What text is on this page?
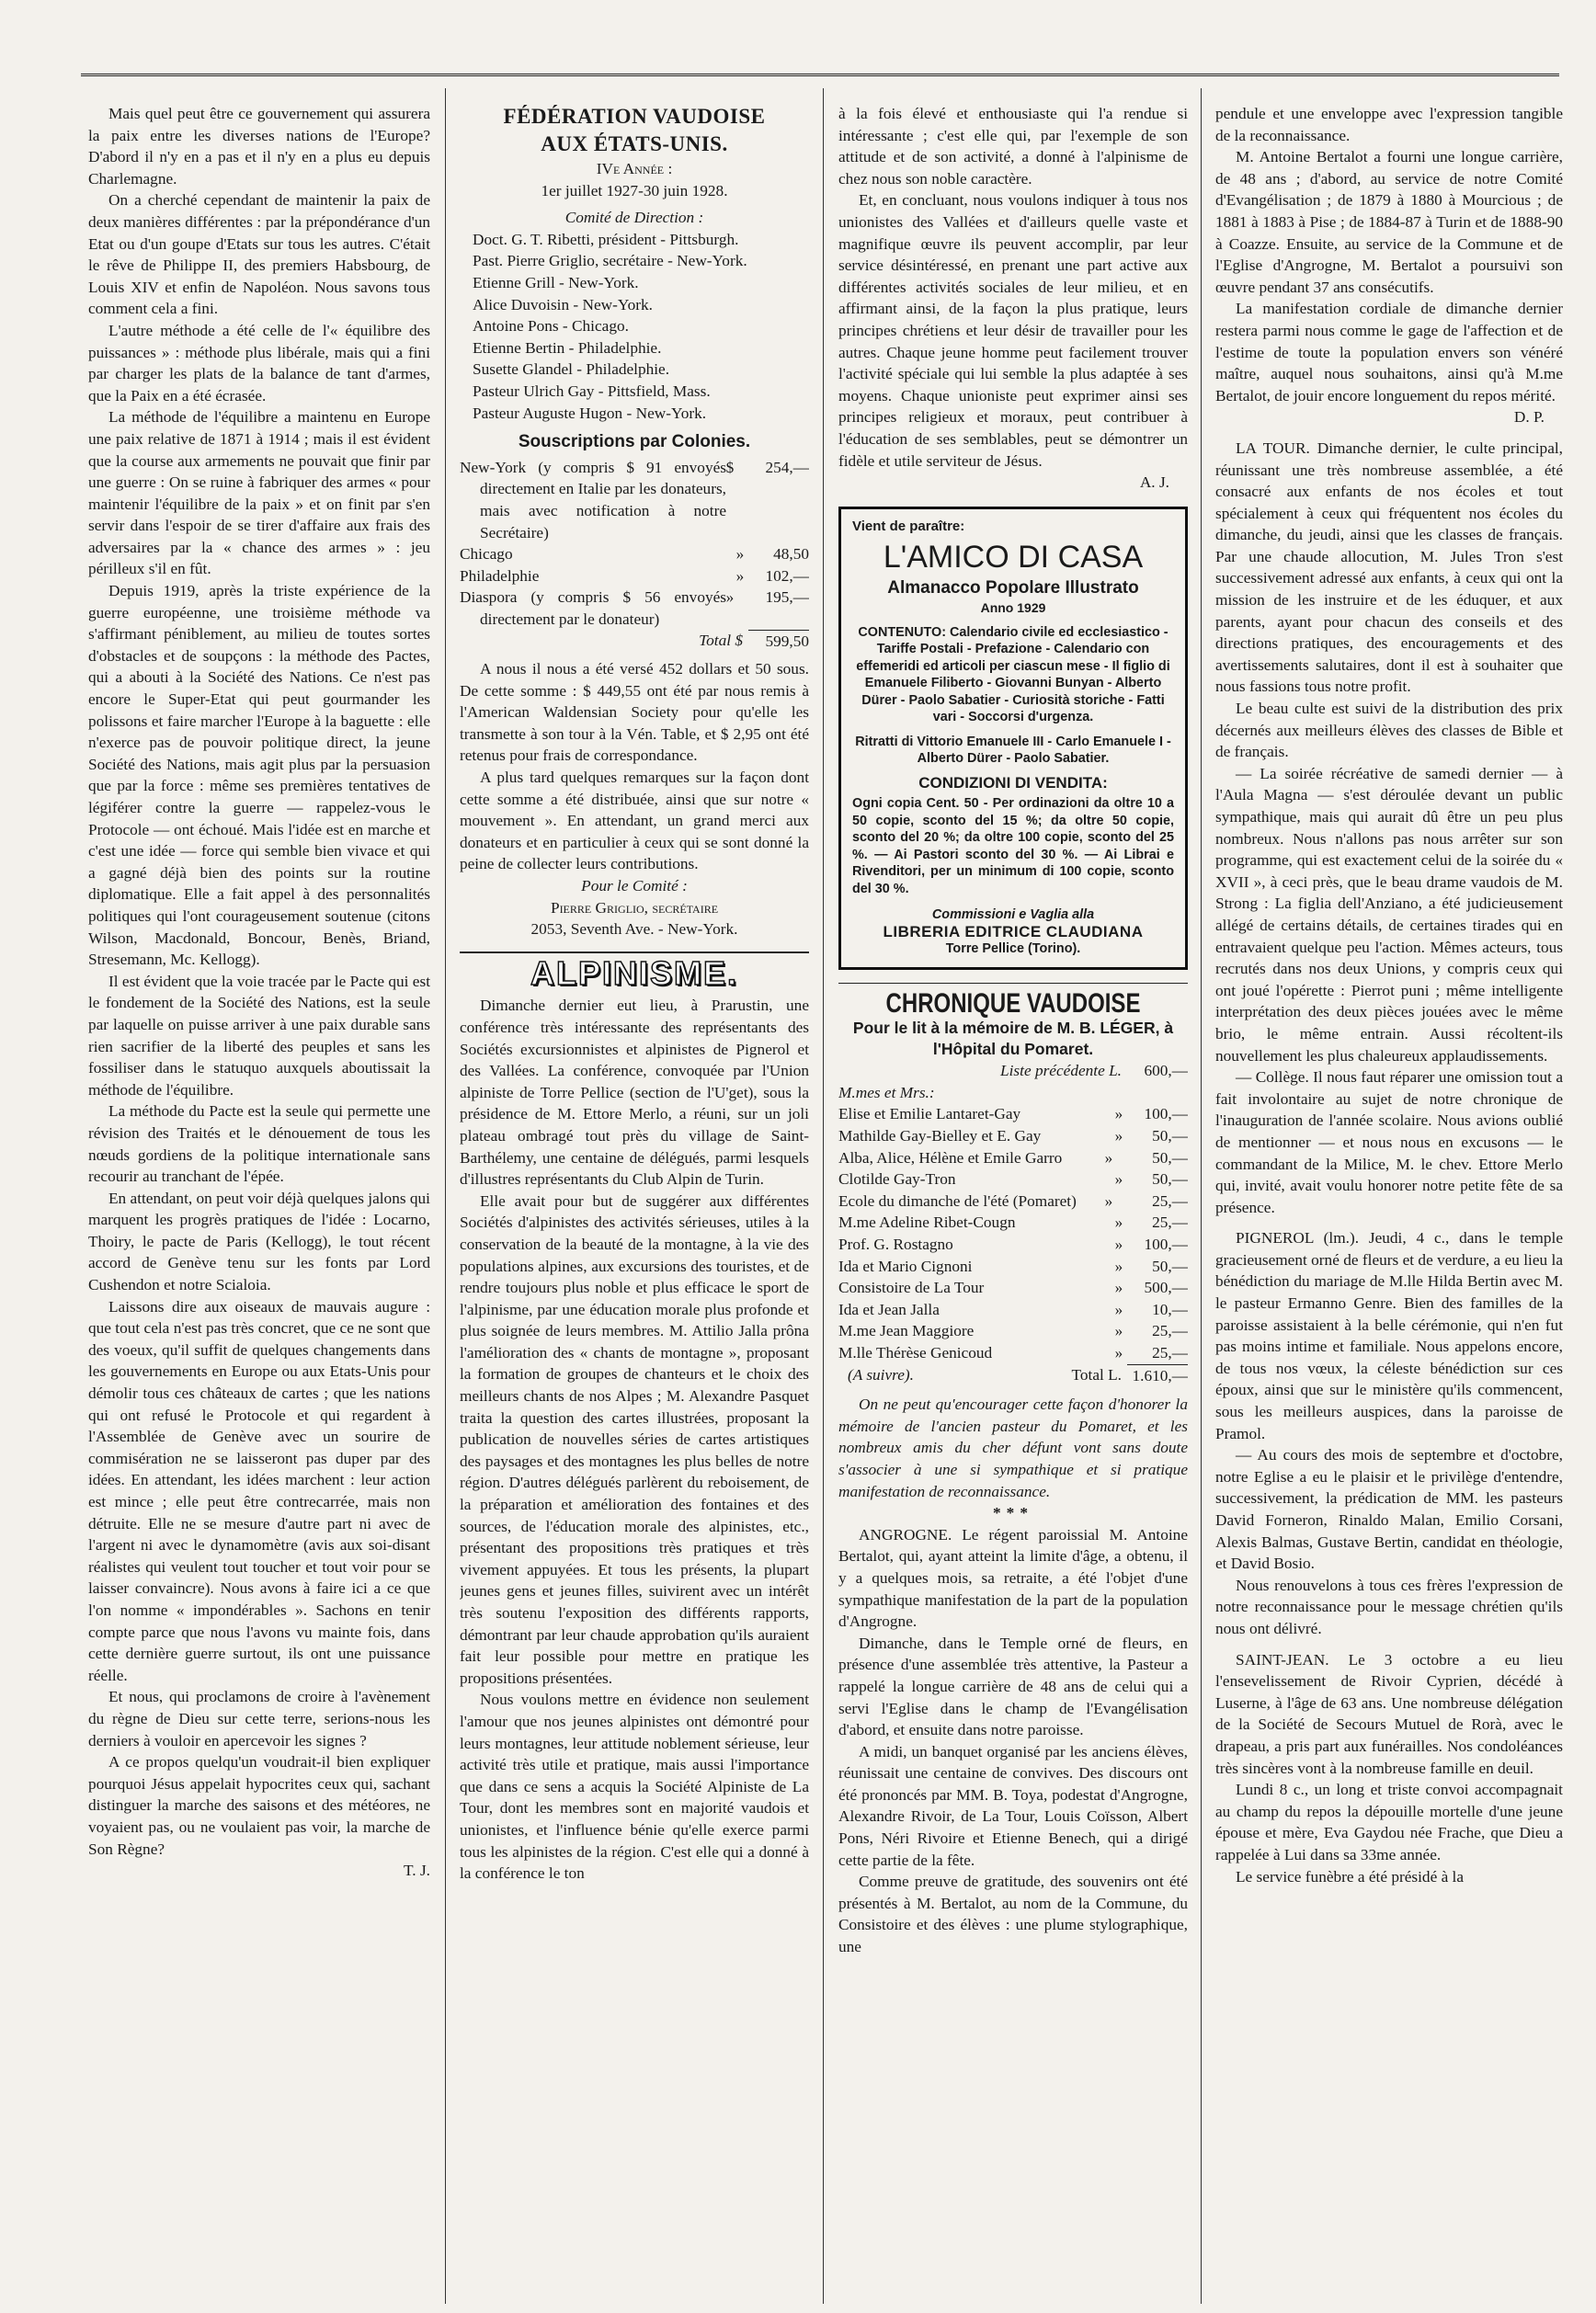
Mais quel peut être ce gouvernement qui assurera la paix entre les diverses nations de l'Europe? D'abord il n'y en a pas et il n'y en a plus eu depuis Charlemagne.

On a cherché cependant de maintenir la paix de deux manières différentes : par la prépondérance d'un Etat ou d'un goupe d'Etats sur tous les autres. C'était le rêve de Philippe II, des premiers Habsbourg, de Louis XIV et enfin de Napoléon. Nous savons tous comment cela a fini.

L'autre méthode a été celle de l'« équilibre des puissances » : méthode plus libérale, mais qui a fini par charger les plats de la balance de tant d'armes, que la Paix en a été écrasée.

La méthode de l'équilibre a maintenu en Europe une paix relative de 1871 à 1914 ; mais il est évident que la course aux armements ne pouvait que finir par une guerre : On se ruine à fabriquer des armes « pour maintenir l'équilibre de la paix » et on finit par s'en servir dans l'espoir de se tirer d'affaire aux frais des adversaires par la « chance des armes » : jeu périlleux s'il en fût.

Depuis 1919, après la triste expérience de la guerre européenne, une troisième méthode va s'affirmant péniblement, au milieu de toutes sortes d'obstacles et de soupçons : la méthode des Pactes, qui a abouti à la Société des Nations. Ce n'est pas encore le Super-Etat qui peut gourmander les polissons et faire marcher l'Europe à la baguette : elle n'exerce pas de pouvoir politique direct, la jeune Société des Nations, mais agit plus par la persuasion que par la force : même ses premières tentatives de légiférer contre la guerre — rappelez-vous le Protocole — ont échoué. Mais l'idée est en marche et c'est une idée — force qui semble bien vivace et qui a gagné déjà bien des points sur la routine diplomatique. Elle a fait appel à des personnalités politiques qui l'ont courageusement soutenue (citons Wilson, Macdonald, Boncour, Benès, Briand, Stresemann, Mc. Kellogg).

Il est évident que la voie tracée par le Pacte qui est le fondement de la Société des Nations, est la seule par laquelle on puisse arriver à une paix durable sans rien sacrifier de la liberté des peuples et sans les fossiliser dans le statuquo auxquels aboutissait la méthode de l'équilibre.

La méthode du Pacte est la seule qui permette une révision des Traités et le dénouement de tous les nœuds gordiens de la politique internationale sans recourir au tranchant de l'épée.

En attendant, on peut voir déjà quelques jalons qui marquent les progrès pratiques de l'idée : Locarno, Thoiry, le pacte de Paris (Kellogg), le tout récent accord de Genève tenu sur les fonts par Lord Cushendon et notre Scialoia.

Laissons dire aux oiseaux de mauvais augure : que tout cela n'est pas très concret, que ce ne sont que des voeux, qu'il suffit de quelques changements dans les gouvernements en Europe ou aux Etats-Unis pour démolir tous ces châteaux de cartes ; que les nations qui ont refusé le Protocole et qui regardent à l'Assemblée de Genève avec un sourire de commisération ne se laisseront pas duper par des idées. En attendant, les idées marchent : leur action est mince ; elle peut être contrecarrée, mais non détruite. Elle ne se mesure d'autre part ni avec de l'argent ni avec le dynamomètre (avis aux soi-disant réalistes qui veulent tout toucher et tout voir pour se laisser convaincre). Nous avons à faire ici a ce que l'on nomme « impondérables ». Sachons en tenir compte parce que nous l'avons vu mainte fois, dans cette dernière guerre surtout, ils ont une puissance réelle.

Et nous, qui proclamons de croire à l'avènement du règne de Dieu sur cette terre, serions-nous les derniers à vouloir en apercevoir les signes ?

A ce propos quelqu'un voudrait-il bien expliquer pourquoi Jésus appelait hypocrites ceux qui, sachant distinguer la marche des saisons et des météores, ne voyaient pas, ou ne voulaient pas voir, la marche de Son Règne?

T. J.
FÉDÉRATION VAUDOISE
AUX ÉTATS-UNIS.
IVe Année :
1er juillet 1927-30 juin 1928.
Comité de Direction :
Doct. G. T. Ribetti, président - Pittsburgh.
Past. Pierre Griglio, secrétaire - New-York.
Etienne Grill - New-York.
Alice Duvoisin - New-York.
Antoine Pons - Chicago.
Etienne Bertin - Philadelphie.
Susette Glandel - Philadelphie.
Pasteur Ulrich Gay - Pittsfield, Mass.
Pasteur Auguste Hugon - New-York.
Souscriptions par Colonies.
New-York (y compris $ 91 envoyés directement en Italie par les donateurs, mais avec notification à notre Secrétaire)
$	254,—
Chicago	»	48,50
Philadelphie	»	102,—
Diaspora (y compris $ 56 envoyés directement par le donateur)
»	195,—
Total $	599,50

A nous il nous a été versé 452 dollars et 50 sous. De cette somme : $ 449,55 ont été par nous remis à l'American Waldensian Society pour qu'elle les transmette à son tour à la Vén. Table, et $ 2,95 ont été retenus pour frais de correspondance.

A plus tard quelques remarques sur la façon dont cette somme a été distribuée, ainsi que sur notre « mouvement ». En attendant, un grand merci aux donateurs et en particulier à ceux qui se sont donné la peine de collecter leurs contributions.

Pour le Comité :
Pierre Griglio, secrétaire
2053, Seventh Ave. - New-York.
ALPINISME.

Dimanche dernier eut lieu, à Prarustin, une conférence très intéressante des représentants des Sociétés excursionnistes et alpinistes de Pignerol et des Vallées. La conférence, convoquée par l'Union alpiniste de Torre Pellice (section de l'U'get), sous la présidence de M. Ettore Merlo, a réuni, sur un joli plateau ombragé tout près du village de Saint-Barthélemy, une centaine de délégués, parmi lesquels d'illustres représentants du Club Alpin de Turin.

Elle avait pour but de suggérer aux différentes Sociétés d'alpinistes des activités sérieuses, utiles à la conservation de la beauté de la montagne, à la vie des populations alpines, aux excursions des touristes, et de rendre toujours plus noble et plus efficace le sport de l'alpinisme, par une éducation morale plus profonde et plus soignée de leurs membres. M. Attilio Jalla prôna l'amélioration des « chants de montagne », proposant la formation de groupes de chanteurs et le choix des meilleurs chants de nos Alpes ; M. Alexandre Pasquet traita la question des cartes illustrées, proposant la publication de nouvelles séries de cartes artistiques des paysages et des montagnes les plus belles de notre région. D'autres délégués parlèrent du reboisement, de la préparation et amélioration des fontaines et des sources, de l'éducation morale des alpinistes, etc., présentant des propositions très pratiques et très vivement appuyées. Et tous les présents, la plupart jeunes gens et jeunes filles, suivirent avec un intérêt très soutenu l'exposition des différents rapports, démontrant par leur chaude approbation qu'ils auraient fait leur possible pour mettre en pratique les propositions présentées.

Nous voulons mettre en évidence non seulement l'amour que nos jeunes alpinistes ont démontré pour leurs montagnes, leur attitude noblement sérieuse, leur activité très utile et pratique, mais aussi l'importance que dans ce sens a acquis la Société Alpiniste de La Tour, dont les membres sont en majorité vaudois et unionistes, et l'influence bénie qu'elle exerce parmi tous les alpinistes de la région. C'est elle qui a donné à la conférence le ton

à la fois élevé et enthousiaste qui l'a rendue si intéressante ; c'est elle qui, par l'exemple de son attitude et de son activité, a donné à l'alpinisme de chez nous son noble caractère.

Et, en concluant, nous voulons indiquer à tous nos unionistes des Vallées et d'ailleurs quelle vaste et magnifique œuvre ils peuvent accomplir, par leur service désintéressé, en prenant une part active aux différentes activités sociales de leur milieu, et en affirmant ainsi, de la façon la plus pratique, leurs principes chrétiens et leur désir de travailler pour les autres. Chaque jeune homme peut facilement trouver l'activité spéciale qui lui semble la plus adaptée à ses moyens. Chaque unioniste peut exprimer ainsi ses principes religieux et moraux, peut contribuer à l'éducation de ses semblables, peut se démontrer un fidèle et utile serviteur de Jésus.

A. J.
Vient de paraître:
L'AMICO DI CASA
Almanacco Popolare Illustrato
Anno 1929
CONTENUTO: Calendario civile ed ecclesiastico - Tariffe Postali - Prefazione - Calendario con effemeridi ed articoli per ciascun mese - Il figlio di Emanuele Filiberto - Giovanni Bunyan - Alberto Dürer - Paolo Sabatier - Curiosità storiche - Fatti vari - Soccorsi d'urgenza.
Ritratti di Vittorio Emanuele III - Carlo Emanuele I - Alberto Dürer - Paolo Sabatier.
CONDIZIONI DI VENDITA:
Ogni copia Cent. 50 - Per ordinazioni da oltre 10 a 50 copie, sconto del 15 %; da oltre 50 copie, sconto del 20 %; da oltre 100 copie, sconto del 25 %. — Ai Pastori sconto del 30 %. — Ai Librai e Rivenditori, per un minimum di 100 copie, sconto del 30 %.
Commissioni e Vaglia alla
LIBRERIA EDITRICE CLAUDIANA
Torre Pellice (Torino).
CHRONIQUE VAUDOISE
Pour le lit à la mémoire de M. B. LÉGER, à l'Hôpital du Pomaret.
Liste précédente L.	600,—
M.mes et Mrs.:
Elise et Emilie Lantaret-Gay	»	100,—
Mathilde Gay-Bielley et E. Gay	»	50,—
Alba, Alice, Hélène et Emile Garro	»	50,—
Clotilde Gay-Tron	»	50,—
Ecole du dimanche de l'été (Pomaret)	»	25,—
M.me Adeline Ribet-Cougn	»	25,—
Prof. G. Rostagno	»	100,—
Ida et Mario Cignoni	»	50,—
Consistoire de La Tour	»	500,—
Ida et Jean Jalla	»	10,—
M.me Jean Maggiore	»	25,—
M.lle Thérèse Genicoud	»	25,—
(A suivre).	Total L. 1.610,—

On ne peut qu'encourager cette façon d'honorer la mémoire de l'ancien pasteur du Pomaret, et les nombreux amis du cher défunt vont sans doute s'associer à une si sympathique et si pratique manifestation de reconnaissance.

***

ANGROGNE. Le régent paroissial M. Antoine Bertalot, qui, ayant atteint la limite d'âge, a obtenu, il y a quelques mois, sa retraite, a été l'objet d'une sympathique manifestation de la part de la population d'Angrogne.

Dimanche, dans le Temple orné de fleurs, en présence d'une assemblée très attentive, la Pasteur a rappelé la longue carrière de 48 ans de celui qui a servi l'Eglise dans le champ de l'Evangélisation d'abord, et ensuite dans notre paroisse.

A midi, un banquet organisé par les anciens élèves, réunissait une centaine de convives. Des discours ont été prononcés par MM. B. Toya, podestat d'Angrogne, Alexandre Rivoir, de La Tour, Louis Coïsson, Albert Pons, Néri Rivoire et Etienne Benech, qui a dirigé cette partie de la fête.

Comme preuve de gratitude, des souvenirs ont été présentés à M. Bertalot, au nom de la Commune, du Consistoire et des élèves : une plume stylographique, une

pendule et une enveloppe avec l'expression tangible de la reconnaissance.

M. Antoine Bertalot a fourni une longue carrière, de 48 ans ; d'abord, au service de notre Comité d'Evangélisation ; de 1879 à 1880 à Mourcious ; de 1881 à 1883 à Pise ; de 1884-87 à Turin et de 1888-90 à Coazze. Ensuite, au service de la Commune et de l'Eglise d'Angrogne, M. Bertalot a poursuivi son œuvre pendant 37 ans consécutifs.

La manifestation cordiale de dimanche dernier restera parmi nous comme le gage de l'affection et de l'estime de toute la population envers son vénéré maître, auquel nous souhaitons, ainsi qu'à M.me Bertalot, de jouir encore longuement du repos mérité.

D. P.

LA TOUR. Dimanche dernier, le culte principal, réunissant une très nombreuse assemblée, a été consacré aux enfants de nos écoles et tout spécialement à ceux qui fréquentent nos écoles du dimanche, du jeudi, ainsi que les classes de français. Par une chaude allocution, M. Jules Tron s'est successivement adressé aux enfants, à ceux qui ont la mission de les instruire et de les éduquer, et aux parents, ayant pour chacun des conseils et des directions pratiques, des encouragements et des avertissements salutaires, dont il est à souhaiter que nous fassions tous notre profit.

Le beau culte est suivi de la distribution des prix décernés aux meilleurs élèves des classes de Bible et de français.

— La soirée récréative de samedi dernier — à l'Aula Magna — s'est déroulée devant un public sympathique, mais qui aurait dû être un peu plus nombreux. Nous n'allons pas nous arrêter sur son programme, qui est exactement celui de la soirée du « XVII », à ceci près, que le beau drame vaudois de M. Strong : La figlia dell'Anziano, a été judicieusement allégé de certains détails, de certaines tirades qui en entravaient quelque peu l'action. Mêmes acteurs, tous recrutés dans nos deux Unions, y compris ceux qui ont joué l'opérette : Pierrot puni ; même intelligente interprétation des deux pièces jouées avec le même brio, le même entrain. Aussi récoltent-ils nouvellement les plus chaleureux applaudissements.

— Collège. Il nous faut réparer une omission tout a fait involontaire au sujet de notre chronique de l'inauguration de l'année scolaire. Nous avions oublié de mentionner — et nous nous en excusons — le commandant de la Milice, M. le chev. Ettore Merlo qui, invité, avait voulu honorer notre petite fête de sa présence.

PIGNEROL (lm.). Jeudi, 4 c., dans le temple gracieusement orné de fleurs et de verdure, a eu lieu la bénédiction du mariage de M.lle Hilda Bertin avec M. le pasteur Ermanno Genre. Bien des familles de la paroisse assistaient à la belle cérémonie, qui n'en fut pas moins intime et familiale. Nous appelons encore, de tous nos vœux, la céleste bénédiction sur ces époux, ainsi que sur le ministère qu'ils commencent, sous les meilleurs auspices, dans la paroisse de Pramol.

— Au cours des mois de septembre et d'octobre, notre Eglise a eu le plaisir et le privilège d'entendre, successivement, la prédication de MM. les pasteurs David Forneron, Rinaldo Malan, Emilio Corsani, Alexis Balmas, Gustave Bertin, candidat en théologie, et David Bosio.

Nous renouvelons à tous ces frères l'expression de notre reconnaissance pour le message chrétien qu'ils nous ont délivré.

SAINT-JEAN. Le 3 octobre a eu lieu l'ensevelissement de Rivoir Cyprien, décédé à Luserne, à l'âge de 63 ans. Une nombreuse délégation de la Société de Secours Mutuel de Rorà, avec le drapeau, a pris part aux funérailles. Nos condoléances très sincères vont à la nombreuse famille en deuil.

Lundi 8 c., un long et triste convoi accompagnait au champ du repos la dépouille mortelle d'une jeune épouse et mère, Eva Gaydou née Frache, que Dieu a rappelée à Lui dans sa 33me année.

Le service funèbre a été présidé à la
